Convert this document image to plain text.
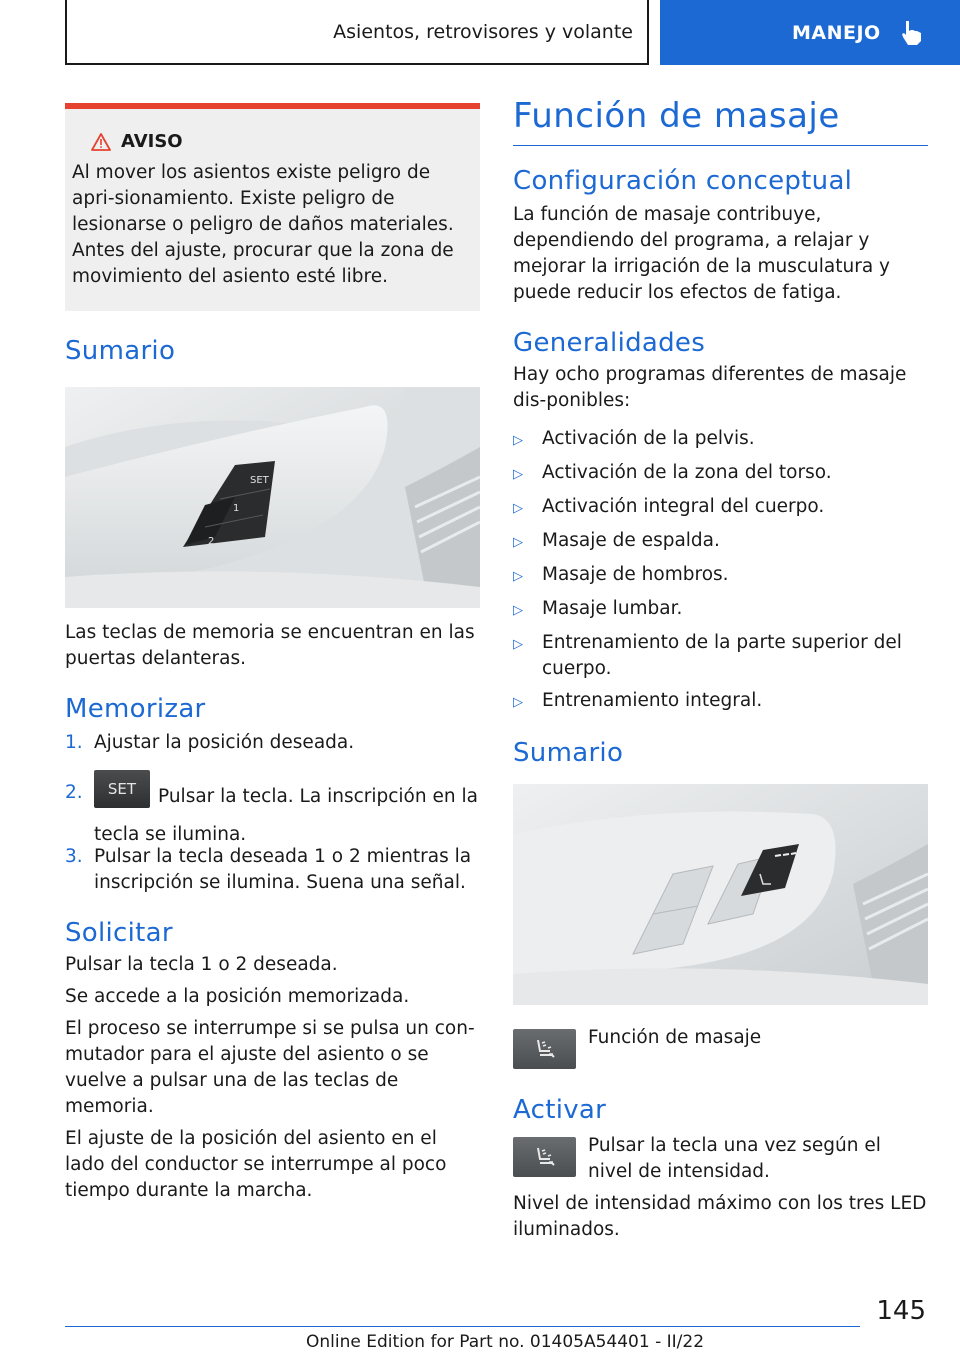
Asientos, retrovisores y volante	MANEJO
AVISO
Al mover los asientos existe peligro de apri‐sionamiento. Existe peligro de lesionarse o peligro de daños materiales. Antes del ajuste, procurar que la zona de movimiento del asiento esté libre.
Sumario
SET
1
2
Las teclas de memoria se encuentran en las puertas delanteras.
Memorizar
1. Ajustar la posición deseada.
2.	SET Pulsar la tecla. La inscripción en la tecla se ilumina.
3. Pulsar la tecla deseada 1 o 2 mientras la inscripción se ilumina. Suena una señal.
Solicitar
Pulsar la tecla 1 o 2 deseada.
Se accede a la posición memorizada.
El proceso se interrumpe si se pulsa un con‐mutador para el ajuste del asiento o se vuelve a pulsar una de las teclas de memoria.
El ajuste de la posición del asiento en el lado del conductor se interrumpe al poco tiempo durante la marcha.
Función de masaje
Configuración conceptual
La función de masaje contribuye, dependiendo del programa, a relajar y mejorar la irrigación de la musculatura y puede reducir los efectos de fatiga.
Generalidades
Hay ocho programas diferentes de masaje dis‐ponibles:
▷	Activación de la pelvis.
▷	Activación de la zona del torso.
▷	Activación integral del cuerpo.
▷	Masaje de espalda.
▷	Masaje de hombros.
▷	Masaje lumbar.
▷	Entrenamiento de la parte superior del cuerpo.
▷	Entrenamiento integral.
Sumario
Función de masaje
Activar
Pulsar la tecla una vez según el nivel de intensidad.
Nivel de intensidad máximo con los tres LED iluminados.
145
Online Edition for Part no. 01405A54401 - II/22
